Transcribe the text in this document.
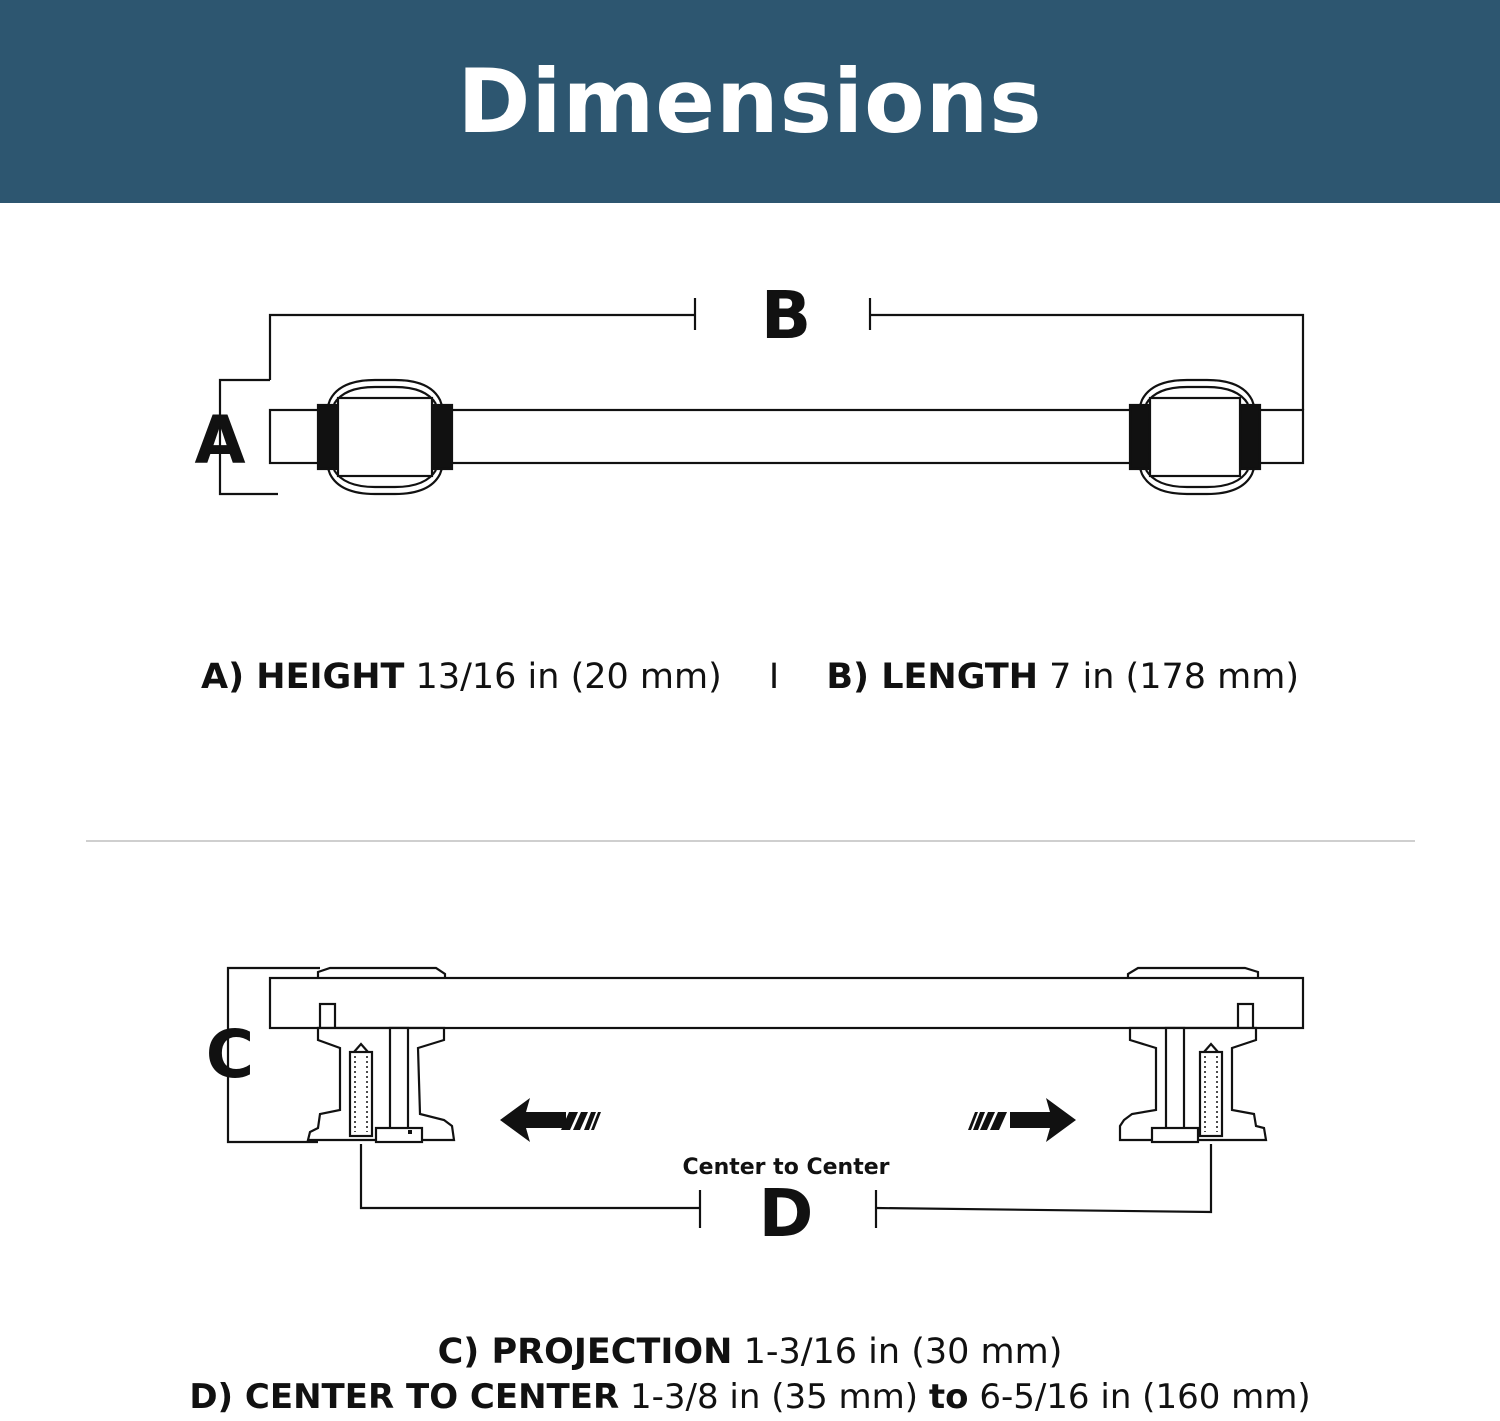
Dimensions
B
A
A) HEIGHT 13/16 in (20 mm) I B) LENGTH 7 in (178 mm)
C
Center to Center
D
C) PROJECTION 1-3/16 in (30 mm)
D) CENTER TO CENTER 1-3/8 in (35 mm) to 6-5/16 in (160 mm)
